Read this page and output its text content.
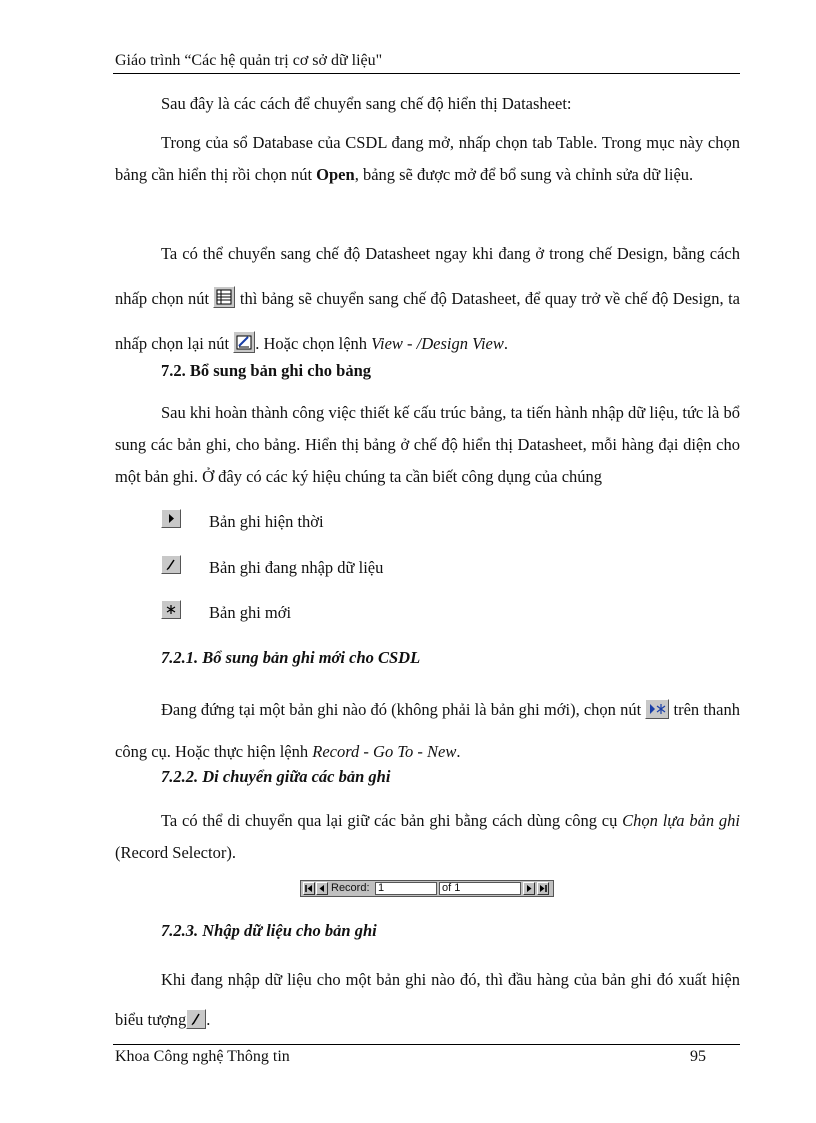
Giáo trình “Các hệ quản trị cơ sở dữ liệu"
Sau đây là các cách để chuyển sang chế độ hiển thị Datasheet:
Trong của sổ Database của CSDL đang mở, nhấp chọn tab Table. Trong mục này chọn bảng cần hiển thị rồi chọn nút Open, bảng sẽ được mở để bổ sung và chỉnh sửa dữ liệu.
Ta có thể chuyển sang chế độ Datasheet ngay khi đang ở trong chế Design, bằng cách nhấp chọn nút
thì bảng sẽ chuyển sang chế độ Datasheet, để quay trở về chế độ Design, ta nhấp chọn lại nút
. Hoặc chọn lệnh View - /Design View.
7.2. Bổ sung bản ghi cho bảng
Sau khi hoàn thành công việc thiết kế cấu trúc bảng, ta tiến hành nhập dữ liệu, tức là bổ sung các bản ghi, cho bảng. Hiển thị bảng ở chế độ hiển thị Datasheet, mỗi hàng đại diện cho một bản ghi. Ở đây có các ký hiệu chúng ta cần biết công dụng của chúng
Bản ghi hiện thời
Bản ghi đang nhập dữ liệu
Bản ghi mới
7.2.1. Bổ sung bản ghi mới cho CSDL
Đang đứng tại một bản ghi nào đó (không phải là bản ghi mới), chọn nút
trên thanh công cụ. Hoặc thực hiện lệnh Record - Go To - New.
7.2.2. Di chuyển giữa các bản ghi
Ta có thể di chuyển qua lại giữ các bản ghi bằng cách dùng công cụ Chọn lựa bản ghi (Record Selector).
Record: 1	of 1
7.2.3. Nhập dữ liệu cho bản ghi
Khi đang nhập dữ liệu cho một bản ghi nào đó, thì đầu hàng của bản ghi đó xuất hiện biểu tượng .
Khoa Công nghệ Thông tin	95
